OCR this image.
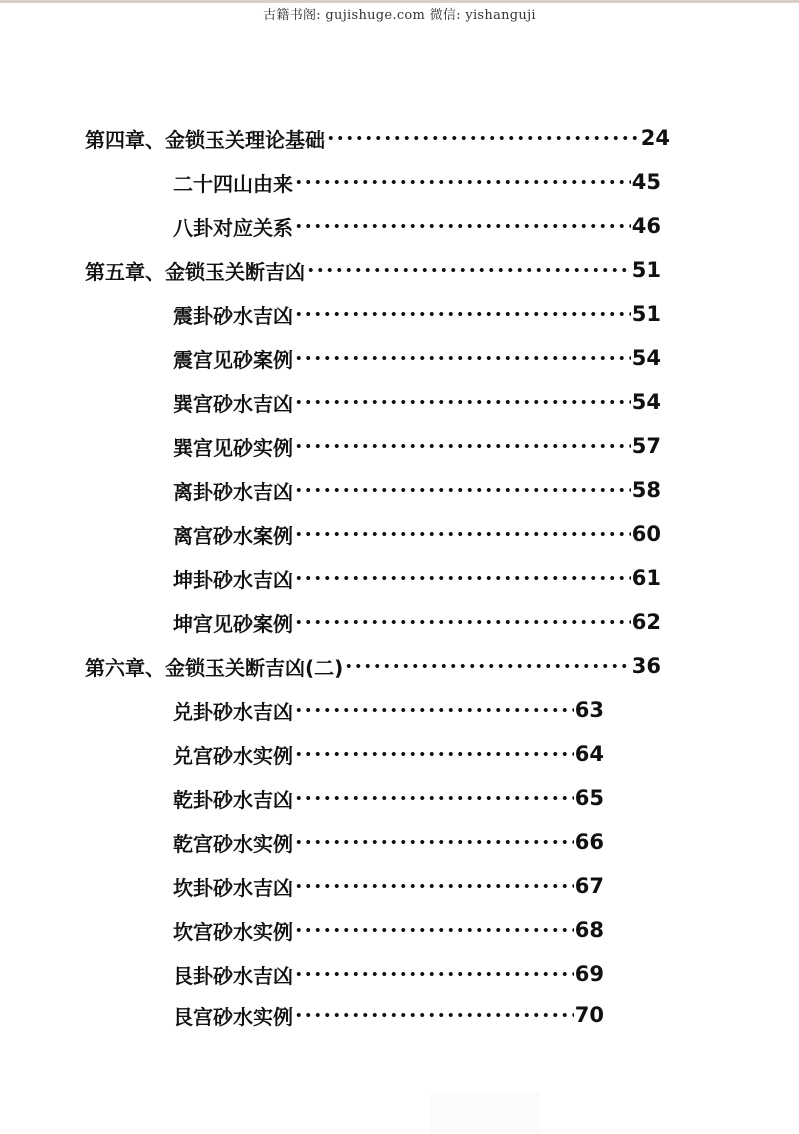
古籍书阁: gujishuge.com 微信: yishanguji
第四章、金锁玉关理论基础	24
二十四山由来	45
八卦对应关系	46
第五章、金锁玉关断吉凶	51
震卦砂水吉凶	51
震宫见砂案例	54
巽宫砂水吉凶	54
巽宫见砂实例	57
离卦砂水吉凶	58
离宫砂水案例	60
坤卦砂水吉凶	61
坤宫见砂案例	62
第六章、金锁玉关断吉凶(二)	36
兑卦砂水吉凶	63
兑宫砂水实例	64
乾卦砂水吉凶	65
乾宫砂水实例	66
坎卦砂水吉凶	67
坎宫砂水实例	68
艮卦砂水吉凶	69
艮宫砂水实例	70
